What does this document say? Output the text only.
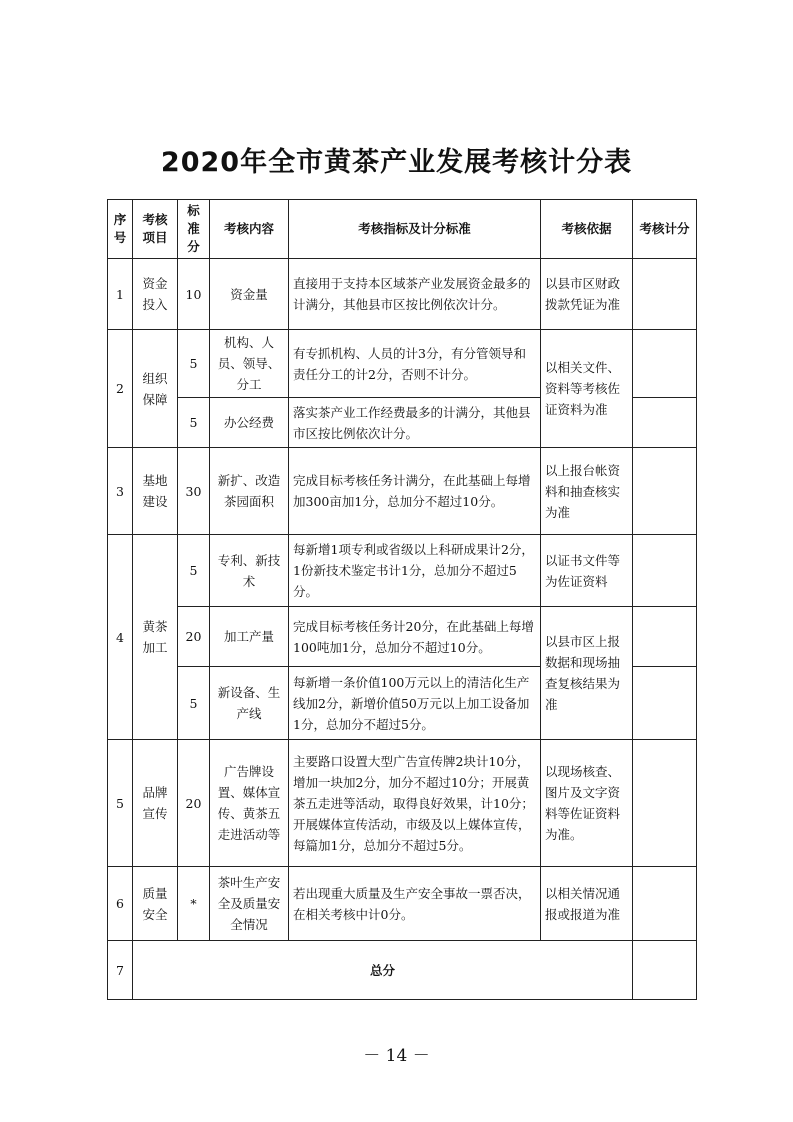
2020年全市黄茶产业发展考核计分表
序号	考核项目	标准分	考核内容	考核指标及计分标准	考核依据	考核计分
1	资金投入	10	资金量	直接用于支持本区域茶产业发展资金最多的计满分，其他县市区按比例依次计分。	以县市区财政拨款凭证为准	
2	组织保障	5	机构、人员、领导、分工	有专抓机构、人员的计3分，有分管领导和责任分工的计2分，否则不计分。	以相关文件、资料等考核佐证资料为准	
		5	办公经费	落实茶产业工作经费最多的计满分，其他县市区按比例依次计分。		
3	基地建设	30	新扩、改造茶园面积	完成目标考核任务计满分，在此基础上每增加300亩加1分，总加分不超过10分。	以上报台帐资料和抽查核实为准	
4	黄茶加工	5	专利、新技术	每新增1项专利或省级以上科研成果计2分，1份新技术鉴定书计1分，总加分不超过5分。	以证书文件等为佐证资料	
		20	加工产量	完成目标考核任务计20分，在此基础上每增100吨加1分，总加分不超过10分。	以县市区上报数据和现场抽查复核结果为准	
		5	新设备、生产线	每新增一条价值100万元以上的清洁化生产线加2分，新增价值50万元以上加工设备加1分，总加分不超过5分。		
5	品牌宣传	20	广告牌设置、媒体宣传、黄茶五走进活动等	主要路口设置大型广告宣传牌2块计10分，增加一块加2分，加分不超过10分；开展黄茶五走进等活动，取得良好效果，计10分；开展媒体宣传活动，市级及以上媒体宣传，每篇加1分，总加分不超过5分。	以现场核查、图片及文字资料等佐证资料为准。	
6	质量安全	*	茶叶生产安全及质量安全情况	若出现重大质量及生产安全事故一票否决，在相关考核中计0分。	以相关情况通报或报道为准	
7	总分					
－ 14 －
